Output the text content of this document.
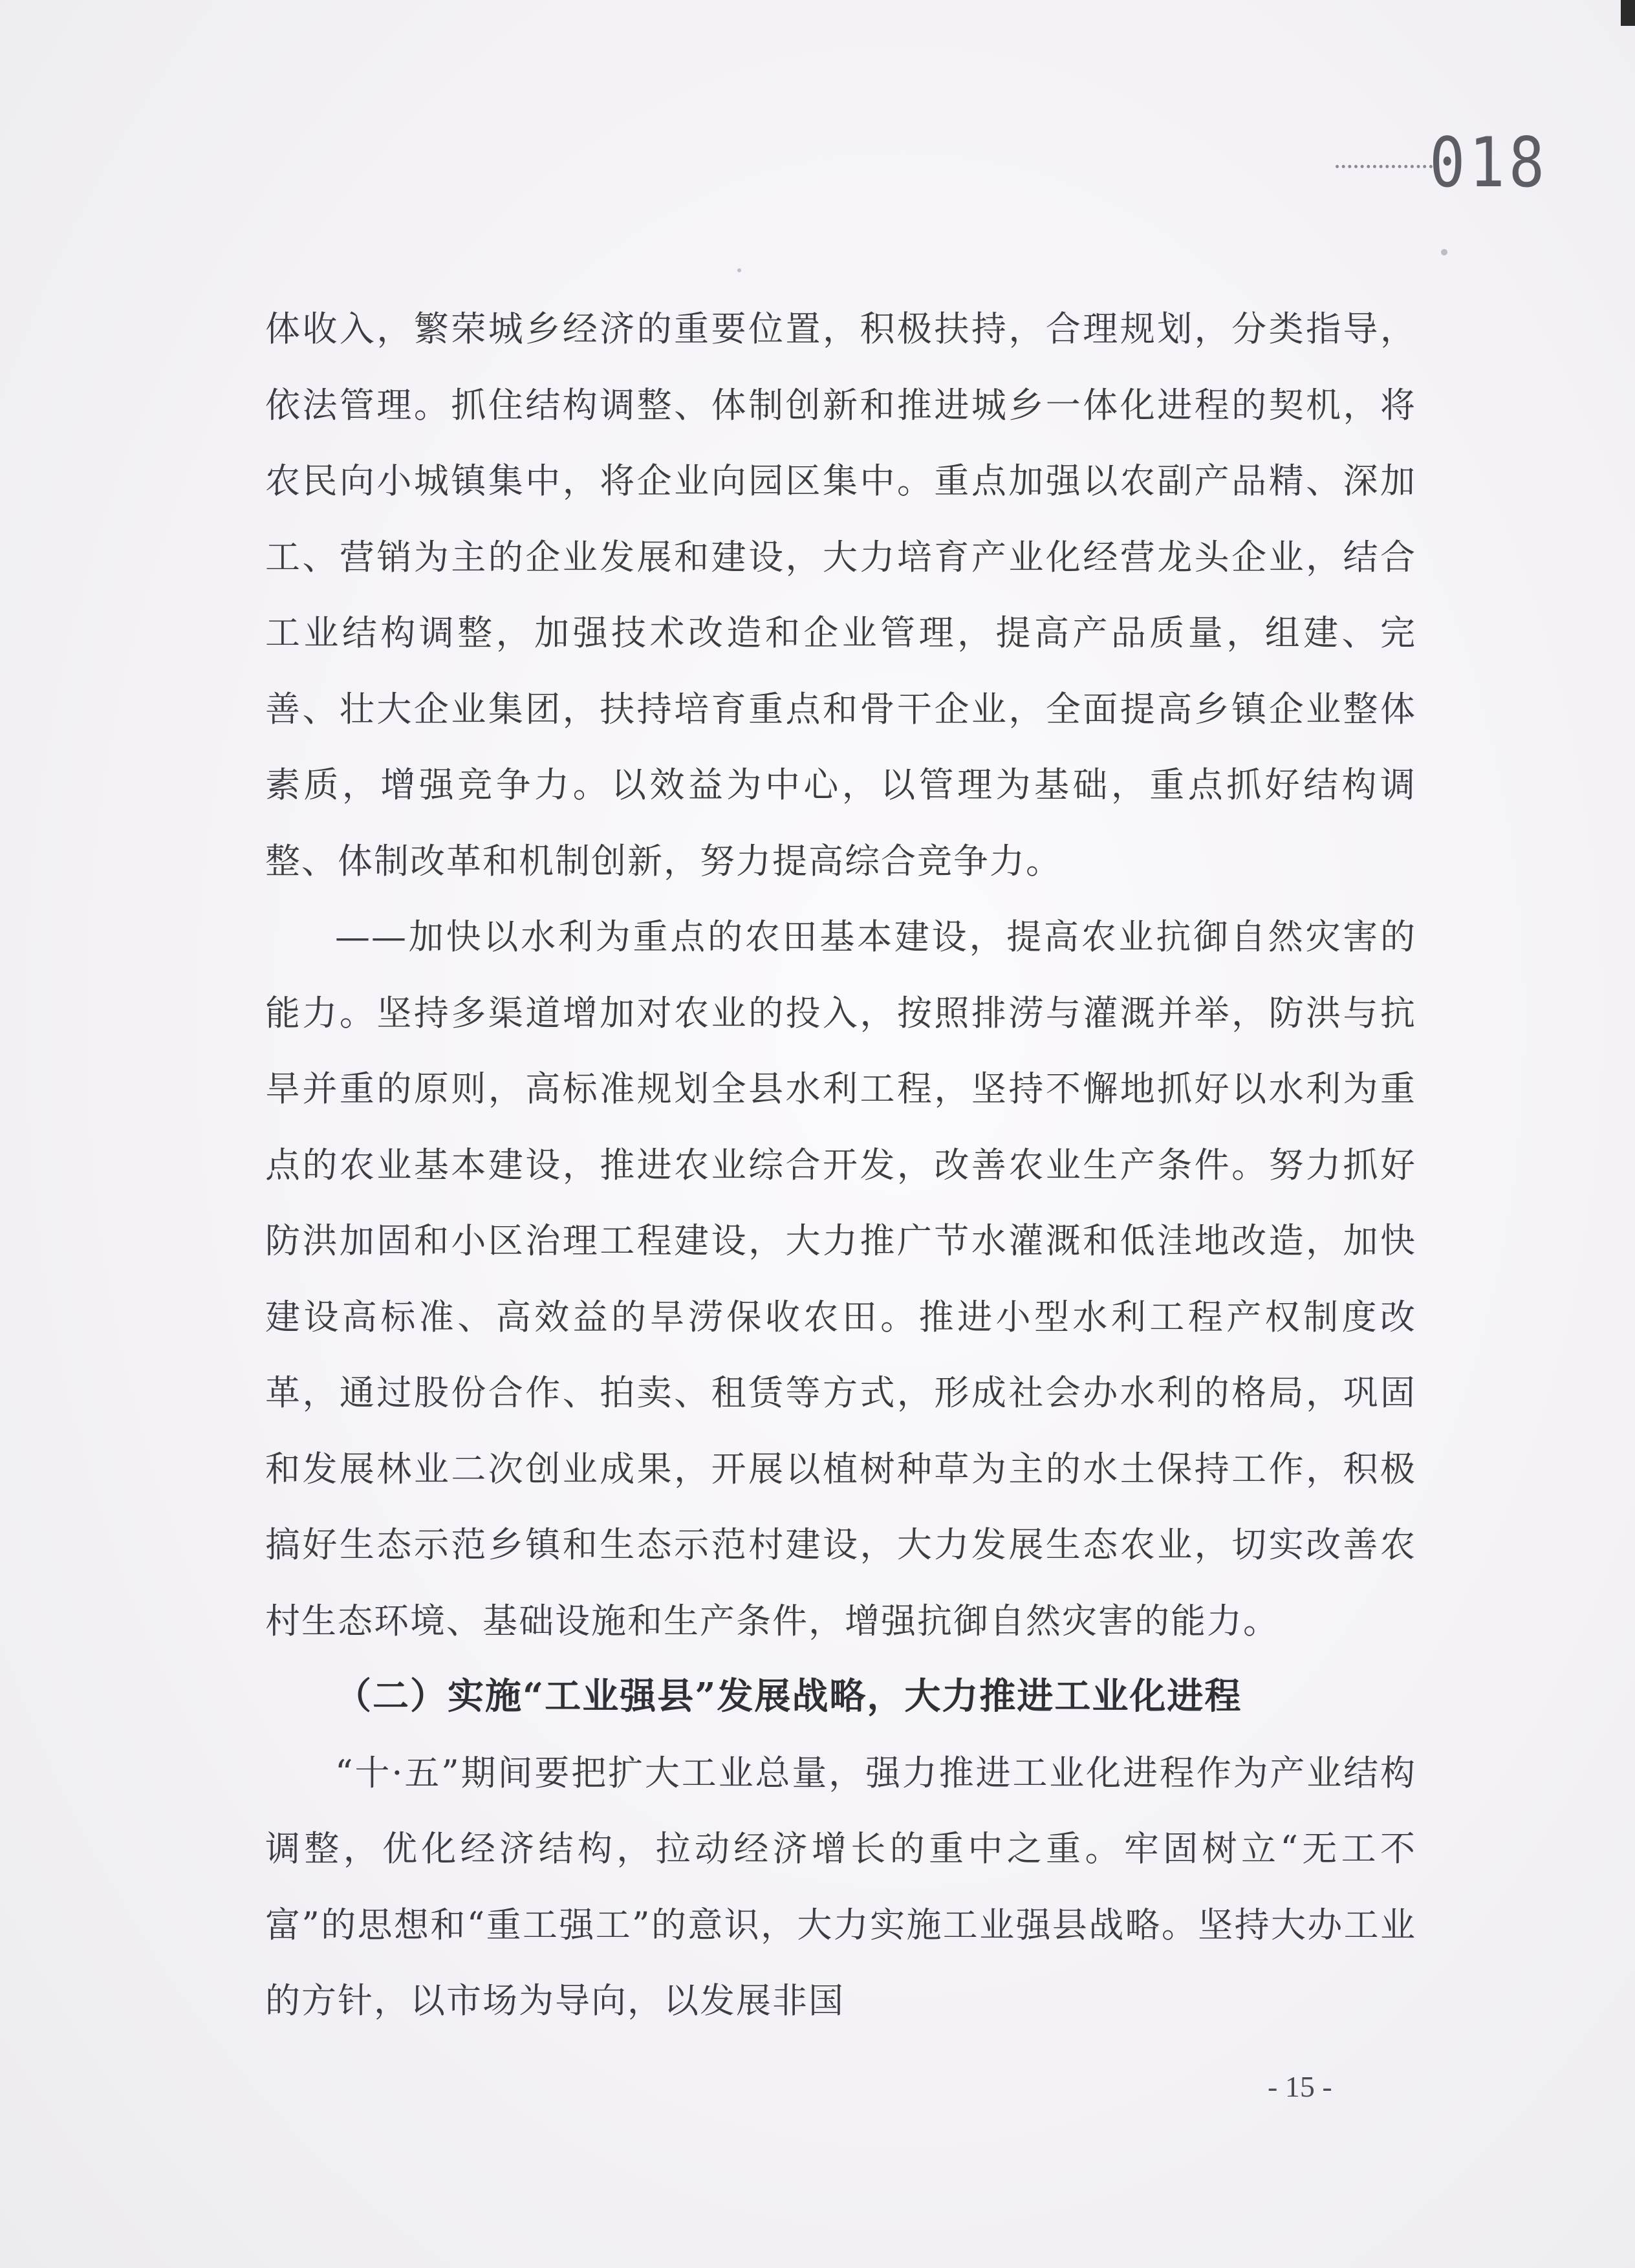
018

体收入，繁荣城乡经济的重要位置，积极扶持，合理规划，分类指导，依法管理。抓住结构调整、体制创新和推进城乡一体化进程的契机，将农民向小城镇集中，将企业向园区集中。重点加强以农副产品精、深加工、营销为主的企业发展和建设，大力培育产业化经营龙头企业，结合工业结构调整，加强技术改造和企业管理，提高产品质量，组建、完善、壮大企业集团，扶持培育重点和骨干企业，全面提高乡镇企业整体素质，增强竞争力。以效益为中心，以管理为基础，重点抓好结构调整、体制改革和机制创新，努力提高综合竞争力。

——加快以水利为重点的农田基本建设，提高农业抗御自然灾害的能力。坚持多渠道增加对农业的投入，按照排涝与灌溉并举，防洪与抗旱并重的原则，高标准规划全县水利工程，坚持不懈地抓好以水利为重点的农业基本建设，推进农业综合开发，改善农业生产条件。努力抓好防洪加固和小区治理工程建设，大力推广节水灌溉和低洼地改造，加快建设高标准、高效益的旱涝保收农田。推进小型水利工程产权制度改革，通过股份合作、拍卖、租赁等方式，形成社会办水利的格局，巩固和发展林业二次创业成果，开展以植树种草为主的水土保持工作，积极搞好生态示范乡镇和生态示范村建设，大力发展生态农业，切实改善农村生态环境、基础设施和生产条件，增强抗御自然灾害的能力。

（二）实施“工业强县”发展战略，大力推进工业化进程

“十·五”期间要把扩大工业总量，强力推进工业化进程作为产业结构调整，优化经济结构，拉动经济增长的重中之重。牢固树立“无工不富”的思想和“重工强工”的意识，大力实施工业强县战略。坚持大办工业的方针，以市场为导向，以发展非国

- 15 -
